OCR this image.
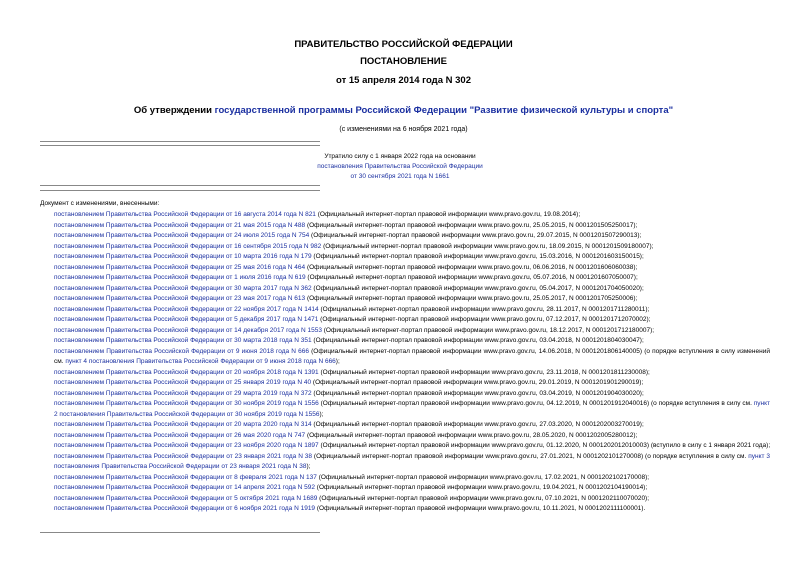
ПРАВИТЕЛЬСТВО РОССИЙСКОЙ ФЕДЕРАЦИИ
ПОСТАНОВЛЕНИЕ
от 15 апреля 2014 года N 302
Об утверждении государственной программы Российской Федерации "Развитие физической культуры и спорта"
(с изменениями на 6 ноября 2021 года)
Утратило силу с 1 января 2022 года на основании
постановления Правительства Российской Федерации
от 30 сентября 2021 года N 1661
Документ с изменениями, внесенными:
постановлением Правительства Российской Федерации от 16 августа 2014 года N 821 (Официальный интернет-портал правовой информации www.pravo.gov.ru, 19.08.2014);
постановлением Правительства Российской Федерации от 21 мая 2015 года N 488 (Официальный интернет-портал правовой информации www.pravo.gov.ru, 25.05.2015, N 0001201505250017);
постановлением Правительства Российской Федерации от 24 июля 2015 года N 754 (Официальный интернет-портал правовой информации www.pravo.gov.ru, 29.07.2015, N 0001201507290013);
постановлением Правительства Российской Федерации от 16 сентября 2015 года N 982 (Официальный интернет-портал правовой информации www.pravo.gov.ru, 18.09.2015, N 0001201509180007);
постановлением Правительства Российской Федерации от 10 марта 2016 года N 179 (Официальный интернет-портал правовой информации www.pravo.gov.ru, 15.03.2016, N 0001201603150015);
постановлением Правительства Российской Федерации от 25 мая 2016 года N 464 (Официальный интернет-портал правовой информации www.pravo.gov.ru, 06.06.2016, N 0001201606060038);
постановлением Правительства Российской Федерации от 1 июля 2016 года N 619 (Официальный интернет-портал правовой информации www.pravo.gov.ru, 05.07.2016, N 0001201607050007);
постановлением Правительства Российской Федерации от 30 марта 2017 года N 362 (Официальный интернет-портал правовой информации www.pravo.gov.ru, 05.04.2017, N 0001201704050020);
постановлением Правительства Российской Федерации от 23 мая 2017 года N 613 (Официальный интернет-портал правовой информации www.pravo.gov.ru, 25.05.2017, N 0001201705250006);
постановлением Правительства Российской Федерации от 22 ноября 2017 года N 1414 (Официальный интернет-портал правовой информации www.pravo.gov.ru, 28.11.2017, N 0001201711280011);
постановлением Правительства Российской Федерации от 5 декабря 2017 года N 1471 (Официальный интернет-портал правовой информации www.pravo.gov.ru, 07.12.2017, N 0001201712070002);
постановлением Правительства Российской Федерации от 14 декабря 2017 года N 1553 (Официальный интернет-портал правовой информации www.pravo.gov.ru, 18.12.2017, N 0001201712180007);
постановлением Правительства Российской Федерации от 30 марта 2018 года N 351 (Официальный интернет-портал правовой информации www.pravo.gov.ru, 03.04.2018, N 0001201804030047);
постановлением Правительства Российской Федерации от 9 июня 2018 года N 666 (Официальный интернет-портал правовой информации www.pravo.gov.ru, 14.06.2018, N 0001201806140005) (о порядке вступления в силу изменений см. пункт 4 постановления Правительства Российской Федерации от 9 июня 2018 года N 666);
постановлением Правительства Российской Федерации от 20 ноября 2018 года N 1391 (Официальный интернет-портал правовой информации www.pravo.gov.ru, 23.11.2018, N 0001201811230008);
постановлением Правительства Российской Федерации от 25 января 2019 года N 40 (Официальный интернет-портал правовой информации www.pravo.gov.ru, 29.01.2019, N 0001201901290019);
постановлением Правительства Российской Федерации от 29 марта 2019 года N 372 (Официальный интернет-портал правовой информации www.pravo.gov.ru, 03.04.2019, N 0001201904030020);
постановлением Правительства Российской Федерации от 30 ноября 2019 года N 1556 (Официальный интернет-портал правовой информации www.pravo.gov.ru, 04.12.2019, N 0001201912040016) (о порядке вступления в силу см. пункт 2 постановления Правительства Российской Федерации от 30 ноября 2019 года N 1556);
постановлением Правительства Российской Федерации от 20 марта 2020 года N 314 (Официальный интернет-портал правовой информации www.pravo.gov.ru, 27.03.2020, N 0001202003270019);
постановлением Правительства Российской Федерации от 26 мая 2020 года N 747 (Официальный интернет-портал правовой информации www.pravo.gov.ru, 28.05.2020, N 0001202005280012);
постановлением Правительства Российской Федерации от 23 ноября 2020 года N 1897 (Официальный интернет-портал правовой информации www.pravo.gov.ru, 01.12.2020, N 0001202012010003) (вступило в силу с 1 января 2021 года);
постановлением Правительства Российской Федерации от 23 января 2021 года N 38 (Официальный интернет-портал правовой информации www.pravo.gov.ru, 27.01.2021, N 0001202101270008) (о порядке вступления в силу см. пункт 3 постановления Правительства Российской Федерации от 23 января 2021 года N 38);
постановлением Правительства Российской Федерации от 8 февраля 2021 года N 137 (Официальный интернет-портал правовой информации www.pravo.gov.ru, 17.02.2021, N 0001202102170008);
постановлением Правительства Российской Федерации от 14 апреля 2021 года N 592 (Официальный интернет-портал правовой информации www.pravo.gov.ru, 19.04.2021, N 0001202104190014);
постановлением Правительства Российской Федерации от 5 октября 2021 года N 1689 (Официальный интернет-портал правовой информации www.pravo.gov.ru, 07.10.2021, N 0001202110070020);
постановлением Правительства Российской Федерации от 6 ноября 2021 года N 1919 (Официальный интернет-портал правовой информации www.pravo.gov.ru, 10.11.2021, N 0001202111100001).
